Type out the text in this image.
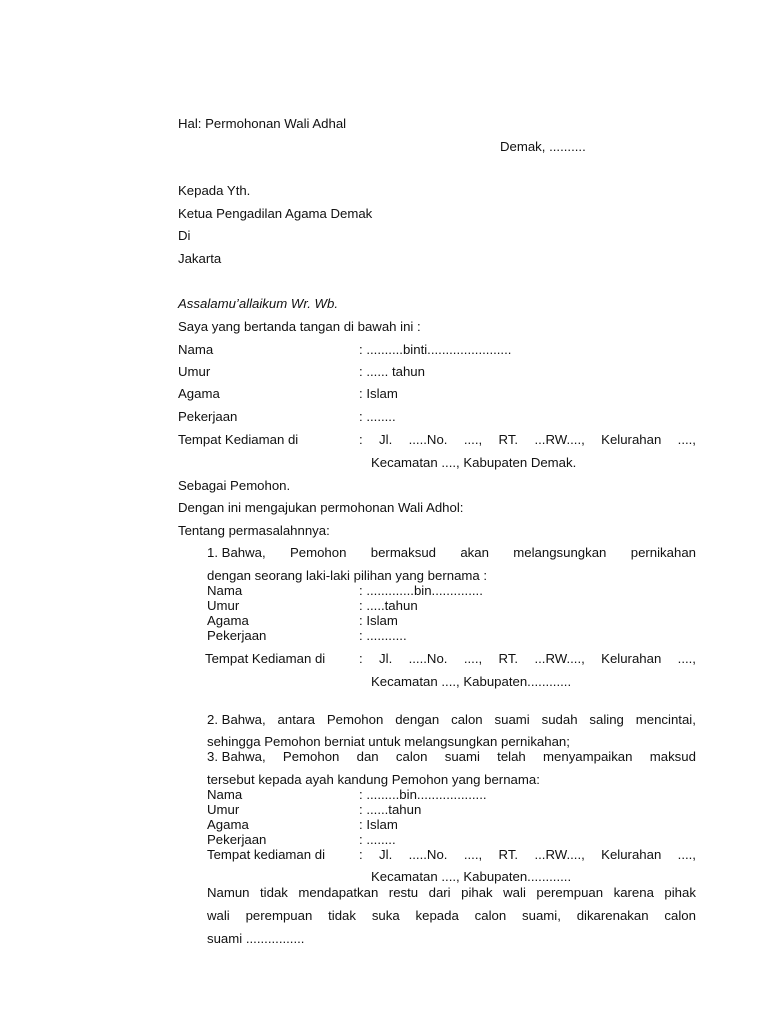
Hal: Permohonan Wali Adhal
Demak, ..........
Kepada Yth.
Ketua Pengadilan Agama Demak
Di
Jakarta
Assalamu’allaikum Wr. Wb.
Saya yang bertanda tangan di bawah ini :
Nama	: ..........binti.......................
Umur	: ...... tahun
Agama	: Islam
Pekerjaan	: ........
Tempat Kediaman di	: Jl. .....No. ...., RT. ...RW...., Kelurahan ....,
Kecamatan ...., Kabupaten Demak.
Sebagai Pemohon.
Dengan ini mengajukan permohonan Wali Adhol:
Tentang permasalahnnya:
1. Bahwa, Pemohon bermaksud akan melangsungkan pernikahan
dengan seorang laki-laki pilihan yang bernama :
Nama	: .............bin..............
Umur	: .....tahun
Agama	: Islam
Pekerjaan	: ...........
Tempat Kediaman di	: Jl. .....No. ...., RT. ...RW...., Kelurahan ....,
Kecamatan ...., Kabupaten............
2. Bahwa, antara Pemohon dengan calon suami sudah saling mencintai,
sehingga Pemohon berniat untuk melangsungkan pernikahan;
3. Bahwa, Pemohon dan calon suami telah menyampaikan maksud
tersebut kepada ayah kandung Pemohon yang bernama:
Nama	: .........bin...................
Umur	: ......tahun
Agama	: Islam
Pekerjaan	: ........
Tempat kediaman di	: Jl. .....No. ...., RT. ...RW...., Kelurahan ....,
Kecamatan ...., Kabupaten............
Namun tidak mendapatkan restu dari pihak wali perempuan karena pihak
wali perempuan tidak suka kepada calon suami, dikarenakan calon
suami ................
